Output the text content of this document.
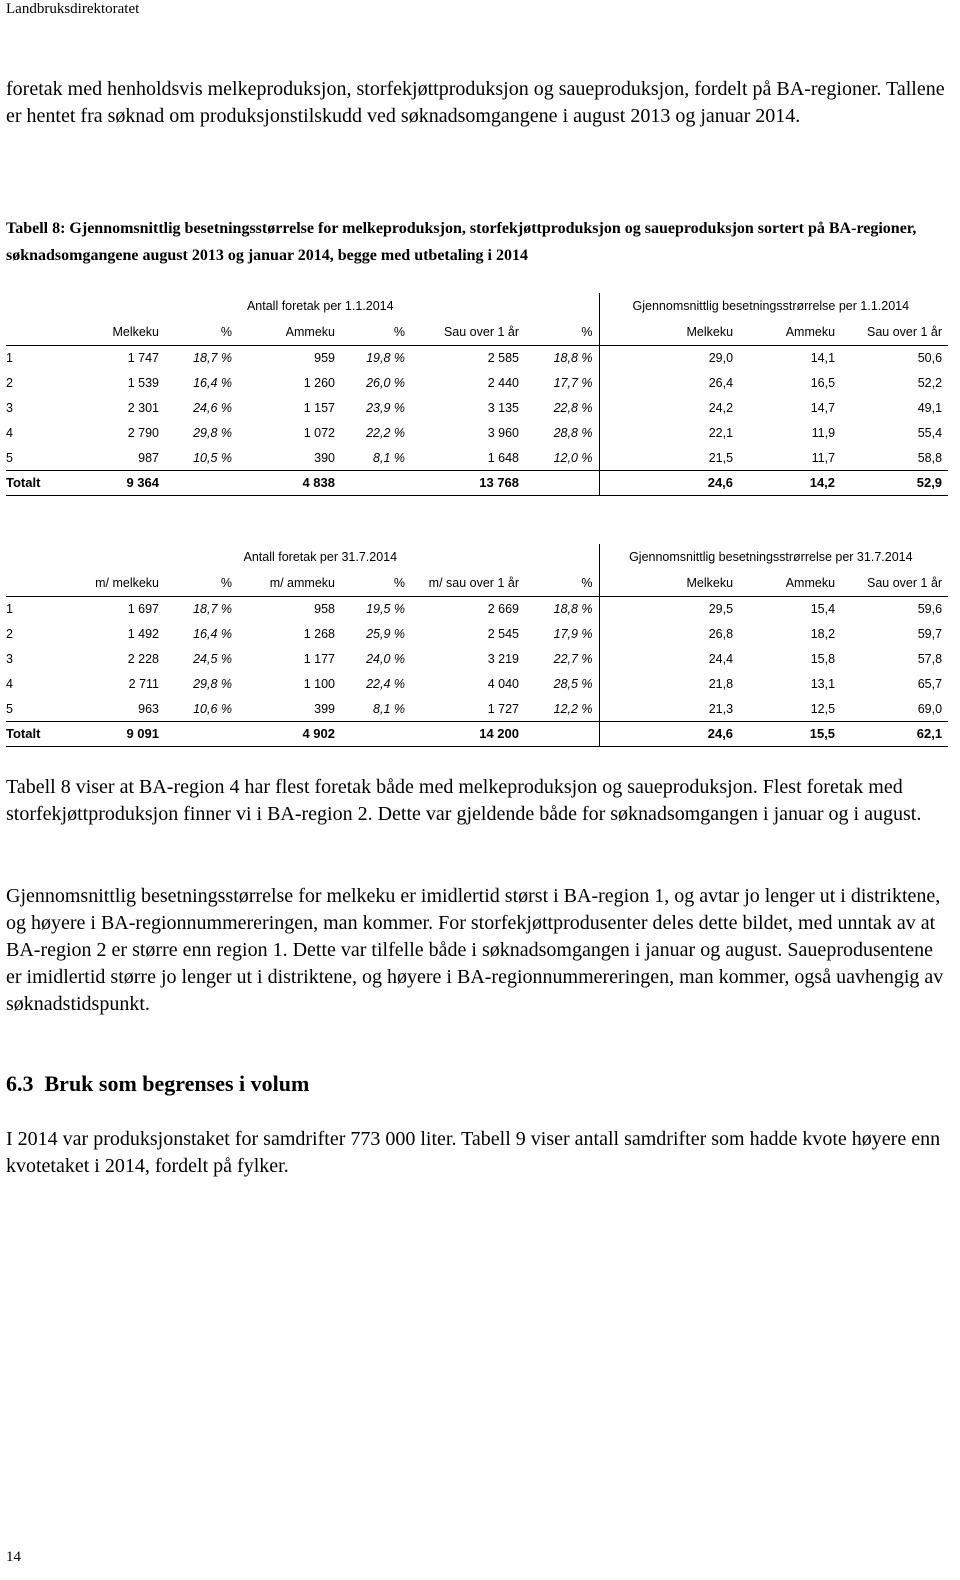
Landbruksdirektoratet

foretak med henholdsvis melkeproduksjon, storfekjøttproduksjon og saueproduksjon, fordelt på BA-regioner. Tallene er hentet fra søknad om produksjonstilskudd ved søknadsomgangene i august 2013 og januar 2014.

Tabell 8: Gjennomsnittlig besetningsstørrelse for melkeproduksjon, storfekjøttproduksjon og saueproduksjon sortert på BA-regioner, søknadsomgangene august 2013 og januar 2014, begge med utbetaling i 2014

	Antall foretak per 1.1.2014						Gjennomsnittlig besetningsstrørrelse per 1.1.2014		
	Melkeku	%	Ammeku	%	Sau over 1 år	%	Melkeku	Ammeku	Sau over 1 år
1	1 747	18,7 %	959	19,8 %	2 585	18,8 %	29,0	14,1	50,6
2	1 539	16,4 %	1 260	26,0 %	2 440	17,7 %	26,4	16,5	52,2
3	2 301	24,6 %	1 157	23,9 %	3 135	22,8 %	24,2	14,7	49,1
4	2 790	29,8 %	1 072	22,2 %	3 960	28,8 %	22,1	11,9	55,4
5	987	10,5 %	390	8,1 %	1 648	12,0 %	21,5	11,7	58,8
Totalt	9 364		4 838		13 768		24,6	14,2	52,9
	Antall foretak per 31.7.2014						Gjennomsnittlig besetningsstrørrelse per 31.7.2014		
	m/ melkeku	%	m/ ammeku	%	m/ sau over 1 år	%	Melkeku	Ammeku	Sau over 1 år
1	1 697	18,7 %	958	19,5 %	2 669	18,8 %	29,5	15,4	59,6
2	1 492	16,4 %	1 268	25,9 %	2 545	17,9 %	26,8	18,2	59,7
3	2 228	24,5 %	1 177	24,0 %	3 219	22,7 %	24,4	15,8	57,8
4	2 711	29,8 %	1 100	22,4 %	4 040	28,5 %	21,8	13,1	65,7
5	963	10,6 %	399	8,1 %	1 727	12,2 %	21,3	12,5	69,0
Totalt	9 091		4 902		14 200		24,6	15,5	62,1

Tabell 8 viser at BA-region 4 har flest foretak både med melkeproduksjon og saueproduksjon. Flest foretak med storfekjøttproduksjon finner vi i BA-region 2. Dette var gjeldende både for søknadsomgangen i januar og i august.

Gjennomsnittlig besetningsstørrelse for melkeku er imidlertid størst i BA-region 1, og avtar jo lenger ut i distriktene, og høyere i BA-regionnummereringen, man kommer. For storfekjøttprodusenter deles dette bildet, med unntak av at BA-region 2 er større enn region 1. Dette var tilfelle både i søknadsomgangen i januar og august. Saueprodusentene er imidlertid større jo lenger ut i distriktene, og høyere i BA-regionnummereringen, man kommer, også uavhengig av søknadstidspunkt.

6.3 Bruk som begrenses i volum

I 2014 var produksjonstaket for samdrifter 773 000 liter. Tabell 9 viser antall samdrifter som hadde kvote høyere enn kvotetaket i 2014, fordelt på fylker.

14
